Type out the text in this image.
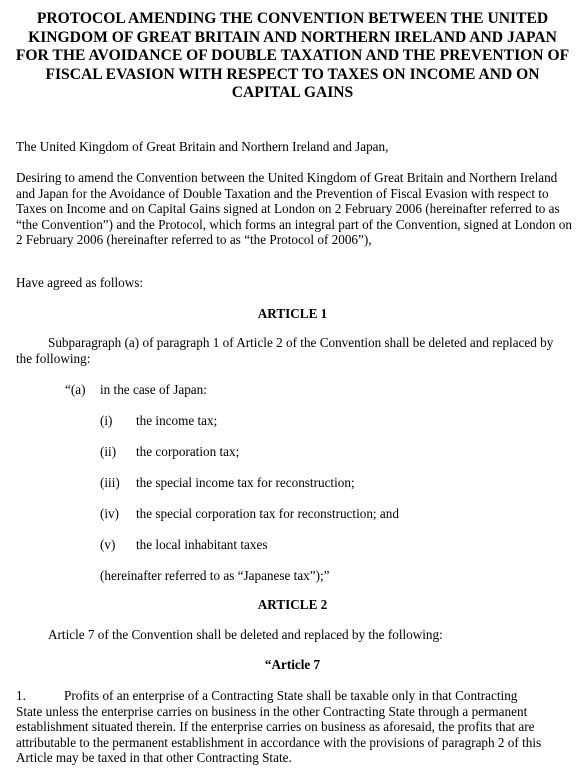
PROTOCOL AMENDING THE CONVENTION BETWEEN THE UNITED KINGDOM OF GREAT BRITAIN AND NORTHERN IRELAND AND JAPAN FOR THE AVOIDANCE OF DOUBLE TAXATION AND THE PREVENTION OF FISCAL EVASION WITH RESPECT TO TAXES ON INCOME AND ON CAPITAL GAINS

The United Kingdom of Great Britain and Northern Ireland and Japan,

Desiring to amend the Convention between the United Kingdom of Great Britain and Northern Ireland and Japan for the Avoidance of Double Taxation and the Prevention of Fiscal Evasion with respect to Taxes on Income and on Capital Gains signed at London on 2 February 2006 (hereinafter referred to as “the Convention”) and the Protocol, which forms an integral part of the Convention, signed at London on 2 February 2006 (hereinafter referred to as “the Protocol of 2006”),

Have agreed as follows:

ARTICLE 1

Subparagraph (a) of paragraph 1 of Article 2 of the Convention shall be deleted and replaced by the following:

“(a) in the case of Japan:
(i) the income tax;
(ii) the corporation tax;
(iii) the special income tax for reconstruction;
(iv) the special corporation tax for reconstruction; and
(v) the local inhabitant taxes
(hereinafter referred to as “Japanese tax”);”
ARTICLE 2

Article 7 of the Convention shall be deleted and replaced by the following:

“Article 7
1.	Profits of an enterprise of a Contracting State shall be taxable only in that Contracting

State unless the enterprise carries on business in the other Contracting State through a permanent establishment situated therein. If the enterprise carries on business as aforesaid, the profits that are attributable to the permanent establishment in accordance with the provisions of paragraph 2 of this Article may be taxed in that other Contracting State.
